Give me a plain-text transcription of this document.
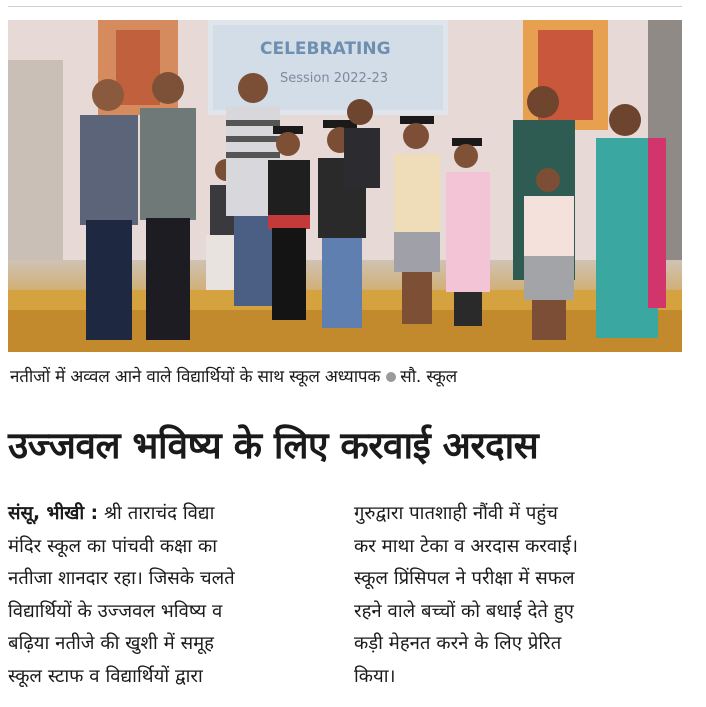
CELEBRATING
Session 2022-23
नतीजों में अव्वल आने वाले विद्यार्थियों के साथ स्कूल अध्यापक सौ. स्कूल
उज्जवल भविष्य के लिए करवाई अरदास

संसू, भीखी : श्री ताराचंद विद्या

मंदिर स्कूल का पांचवी कक्षा का

नतीजा शानदार रहा। जिसके चलते

विद्यार्थियों के उज्जवल भविष्य व

बढ़िया नतीजे की खुशी में समूह

स्कूल स्टाफ व विद्यार्थियों द्वारा

गुरुद्वारा पातशाही नौंवी में पहुंच

कर माथा टेका व अरदास करवाई।

स्कूल प्रिंसिपल ने परीक्षा में सफल

रहने वाले बच्चों को बधाई देते हुए

कड़ी मेहनत करने के लिए प्रेरित

किया।
